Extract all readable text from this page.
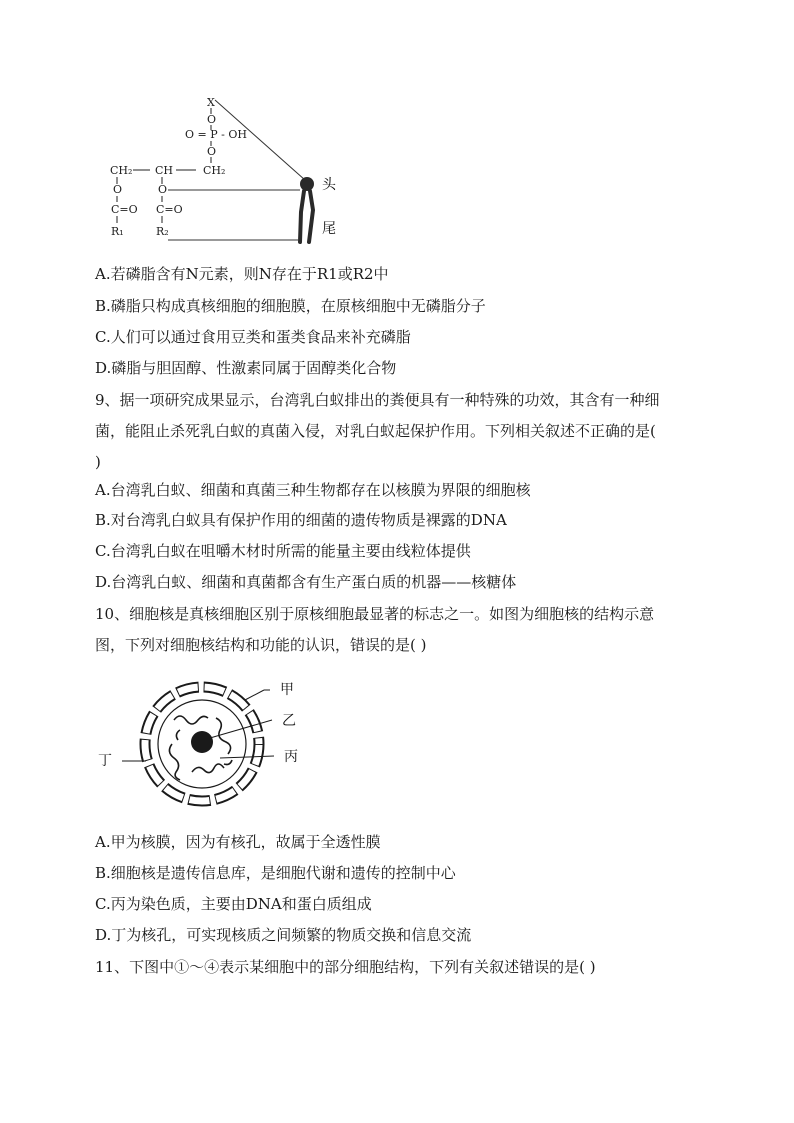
X
O
O = P - OH
O
CH₂ CH	CH₂
O
C=O
R₁
O
C=O
R₂
头
尾
A.若磷脂含有N元素，则N存在于R1或R2中
B.磷脂只构成真核细胞的细胞膜，在原核细胞中无磷脂分子
C.人们可以通过食用豆类和蛋类食品来补充磷脂
D.磷脂与胆固醇、性激素同属于固醇类化合物
9、据一项研究成果显示，台湾乳白蚁排出的粪便具有一种特殊的功效，其含有一种细
菌，能阻止杀死乳白蚁的真菌入侵，对乳白蚁起保护作用。下列相关叙述不正确的是(
)
A.台湾乳白蚁、细菌和真菌三种生物都存在以核膜为界限的细胞核
B.对台湾乳白蚁具有保护作用的细菌的遗传物质是裸露的DNA
C.台湾乳白蚁在咀嚼木材时所需的能量主要由线粒体提供
D.台湾乳白蚁、细菌和真菌都含有生产蛋白质的机器——核糖体
10、细胞核是真核细胞区别于原核细胞最显著的标志之一。如图为细胞核的结构示意
图，下列对细胞核结构和功能的认识，错误的是( )
甲
乙
丙
丁
A.甲为核膜，因为有核孔，故属于全透性膜
B.细胞核是遗传信息库，是细胞代谢和遗传的控制中心
C.丙为染色质，主要由DNA和蛋白质组成
D.丁为核孔，可实现核质之间频繁的物质交换和信息交流
11、下图中①～④表示某细胞中的部分细胞结构，下列有关叙述错误的是( )
